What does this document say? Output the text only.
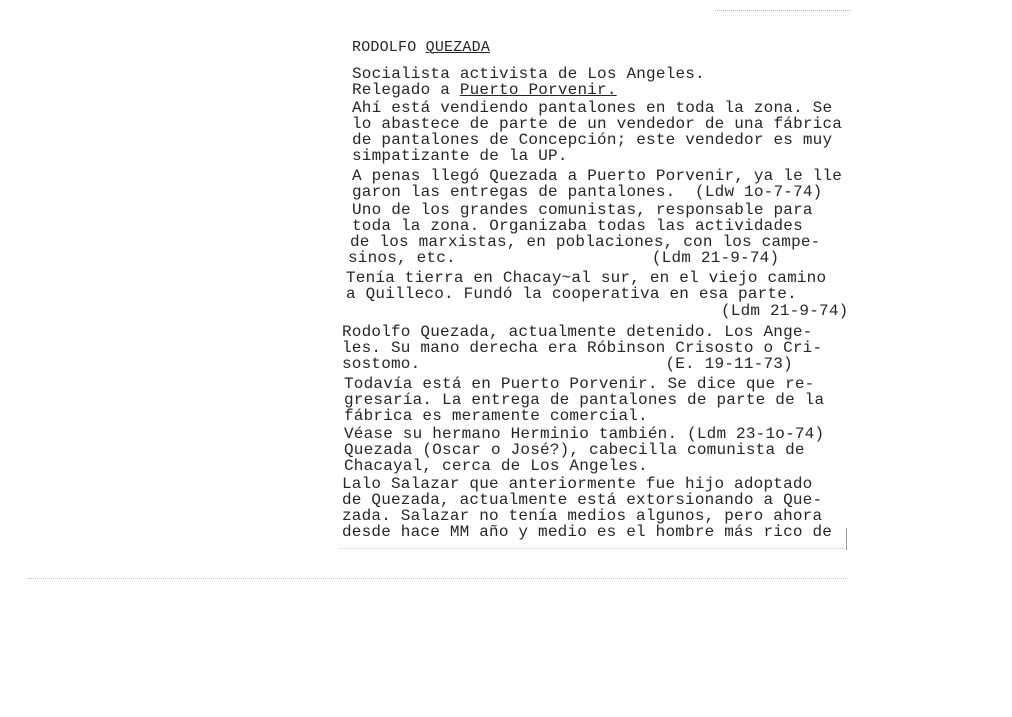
RODOLFO QUEZADA
Socialista activista de Los Angeles.
Relegado a Puerto Porvenir.
Ahí está vendiendo pantalones en toda la zona. Se
lo abastece de parte de un vendedor de una fábrica
de pantalones de Concepción; este vendedor es muy
simpatizante de la UP.
A penas llegó Quezada a Puerto Porvenir, ya le lle
garon las entregas de pantalones.  (Ldw 1o-7-74)
Uno de los grandes comunistas, responsable para
toda la zona. Organizaba todas las actividades
de los marxistas, en poblaciones, con los campe-
sinos, etc.                    (Ldm 21-9-74)
Tenía tierra en Chacay~al sur, en el viejo camino
a Quilleco. Fundó la cooperativa en esa parte.
(Ldm 21-9-74)
Rodolfo Quezada, actualmente detenido. Los Ange-
les. Su mano derecha era Róbinson Crisosto o Cri-
sostomo.                         (E. 19-11-73)
Todavía está en Puerto Porvenir. Se dice que re-
gresaría. La entrega de pantalones de parte de la
fábrica es meramente comercial.
Véase su hermano Herminio también. (Ldm 23-1o-74)
Quezada (Oscar o José?), cabecilla comunista de
Chacayal, cerca de Los Angeles.
Lalo Salazar que anteriormente fue hijo adoptado
de Quezada, actualmente está extorsionando a Que-
zada. Salazar no tenía medios algunos, pero ahora
desde hace MM año y medio es el hombre más rico de
